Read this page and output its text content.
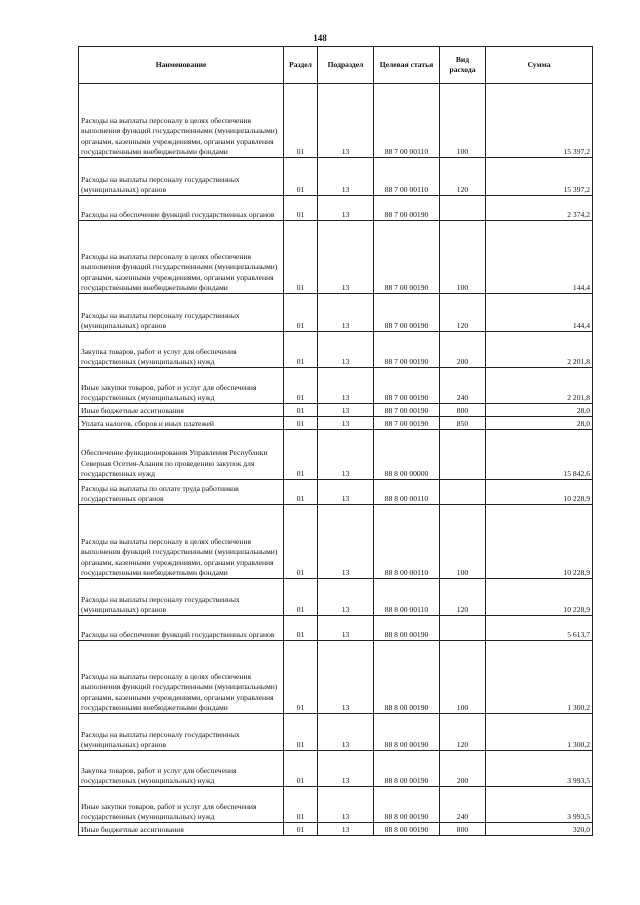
148
Наименование	Раздел	Подраздел	Целевая статья	Вид расхода	Сумма

Расходы на выплаты персоналу в целях обеспечения выполнения функций государственными (муниципальными) органами, казенными учреждениями, органами управления государственными внебюджетными фондами	01	13	88 7 00 00110	100	15 397,2

Расходы на выплаты персоналу государственных (муниципальных) органов	01	13	88 7 00 00110	120	15 397,2

Расходы на обеспечение функций государственных органов	01	13	88 7 00 00190		2 374,2

Расходы на выплаты персоналу в целях обеспечения выполнения функций государственными (муниципальными) органами, казенными учреждениями, органами управления государственными внебюджетными фондами	01	13	88 7 00 00190	100	144,4

Расходы на выплаты персоналу государственных (муниципальных) органов	01	13	88 7 00 00190	120	144,4

Закупка товаров, работ и услуг для обеспечения государственных (муниципальных) нужд	01	13	88 7 00 00190	200	2 201,8

Иные закупки товаров, работ и услуг для обеспечения государственных (муниципальных) нужд	01	13	88 7 00 00190	240	2 201,8

Иные бюджетные ассигнования	01	13	88 7 00 00190	800	28,0

Уплата налогов, сборов и иных платежей	01	13	88 7 00 00190	850	28,0

Обеспечение функционирования Управления Республики Северная Осетия-Алания по проведению закупок для государственных нужд	01	13	88 8 00 00000		15 842,6

Расходы на выплаты по оплате труда работников государственных органов	01	13	88 8 00 00110		10 228,9

Расходы на выплаты персоналу в целях обеспечения выполнения функций государственными (муниципальными) органами, казенными учреждениями, органами управления государственными внебюджетными фондами	01	13	88 8 00 00110	100	10 228,9

Расходы на выплаты персоналу государственных (муниципальных) органов	01	13	88 8 00 00110	120	10 228,9

Расходы на обеспечение функций государственных органов	01	13	88 8 00 00190		5 613,7

Расходы на выплаты персоналу в целях обеспечения выполнения функций государственными (муниципальными) органами, казенными учреждениями, органами управления государственными внебюджетными фондами	01	13	88 8 00 00190	100	1 300,2

Расходы на выплаты персоналу государственных (муниципальных) органов	01	13	88 8 00 00190	120	1 300,2

Закупка товаров, работ и услуг для обеспечения государственных (муниципальных) нужд	01	13	88 8 00 00190	200	3 993,5

Иные закупки товаров, работ и услуг для обеспечения государственных (муниципальных) нужд	01	13	88 8 00 00190	240	3 993,5

Иные бюджетные ассигнования	01	13	88 8 00 00190	800	320,0
